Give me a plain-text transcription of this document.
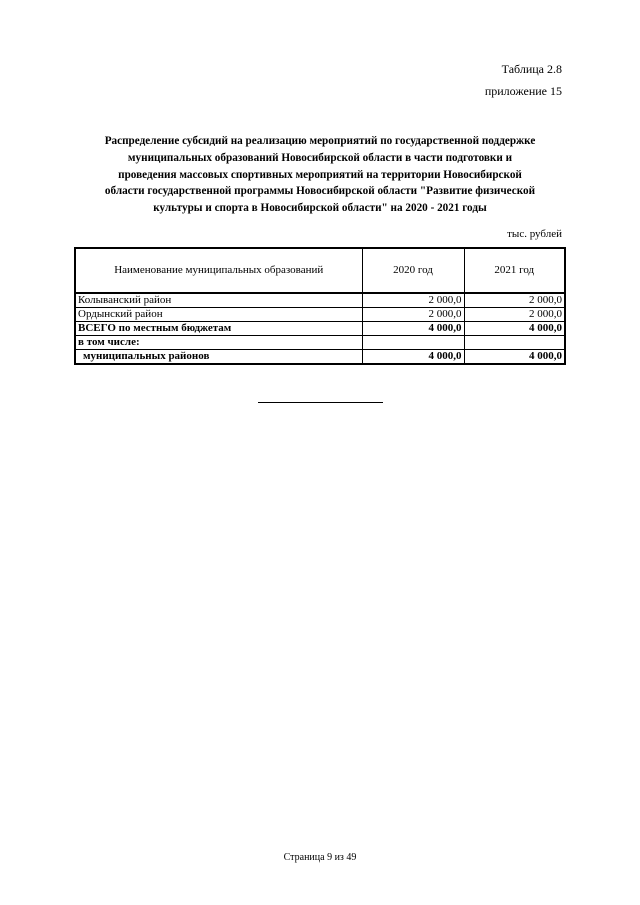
Таблица 2.8
приложение 15
Распределение субсидий на реализацию мероприятий по государственной поддержке
муниципальных образований Новосибирской области в части подготовки и
проведения массовых спортивных мероприятий на территории Новосибирской
области государственной программы Новосибирской области "Развитие физической
культуры и спорта в Новосибирской области" на 2020 - 2021 годы
тыс. рублей
Наименование муниципальных образований	2020 год	2021 год
Колыванский район	2 000,0	2 000,0
Ордынский район	2 000,0	2 000,0
ВСЕГО по местным бюджетам	4 000,0	4 000,0
в том числе:		
муниципальных районов	4 000,0	4 000,0
Страница 9 из 49
